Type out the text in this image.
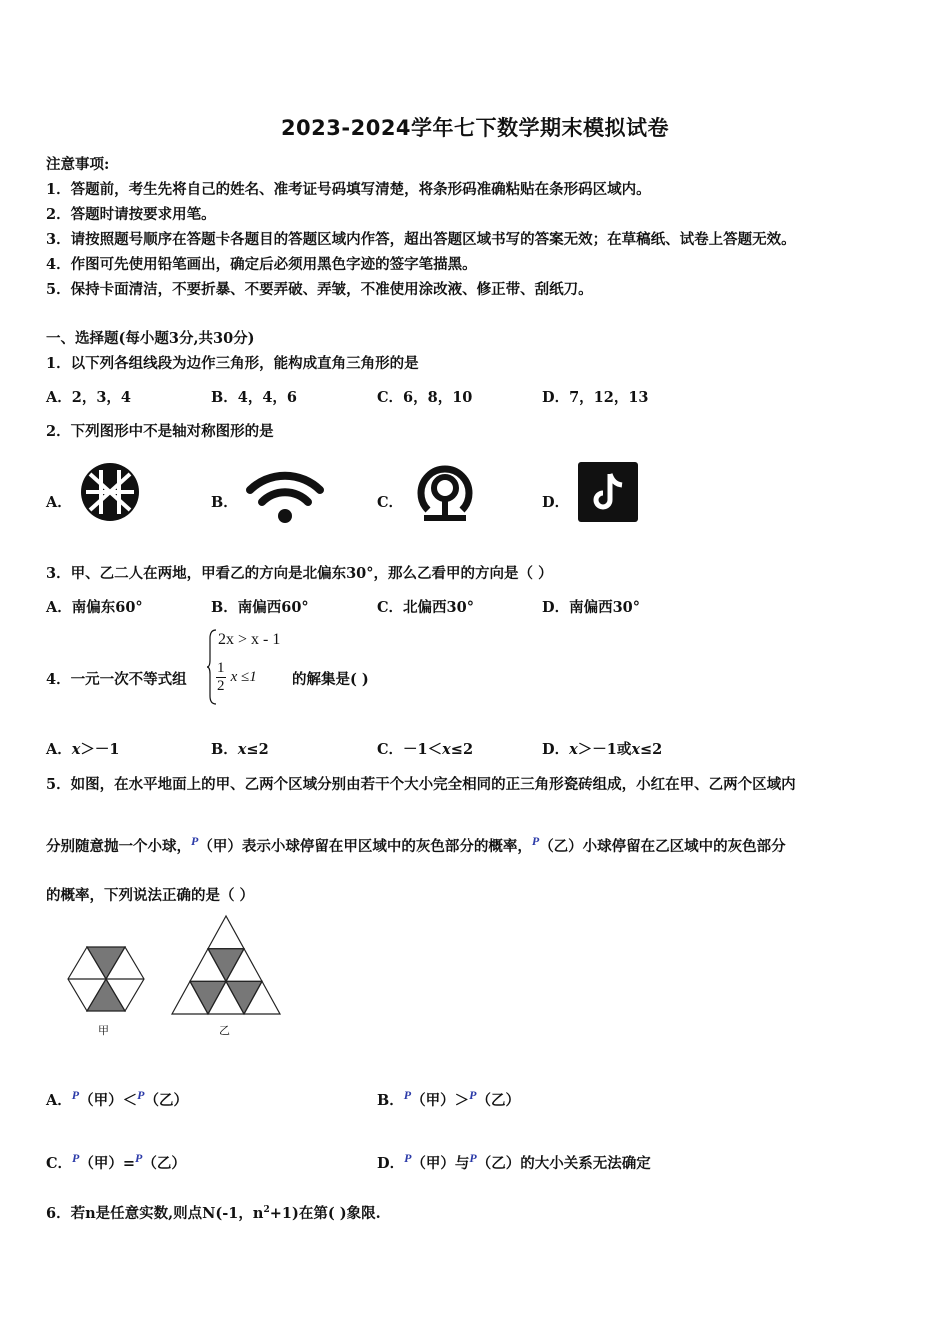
2023-2024学年七下数学期末模拟试卷
注意事项:
1．答题前，考生先将自己的姓名、准考证号码填写清楚，将条形码准确粘贴在条形码区域内。
2．答题时请按要求用笔。
3．请按照题号顺序在答题卡各题目的答题区域内作答，超出答题区域书写的答案无效；在草稿纸、试卷上答题无效。
4．作图可先使用铅笔画出，确定后必须用黑色字迹的签字笔描黑。
5．保持卡面清洁，不要折暴、不要弄破、弄皱，不准使用涂改液、修正带、刮纸刀。
一、选择题(每小题3分,共30分)
1．以下列各组线段为边作三角形，能构成直角三角形的是
A．2，3，4	B．4，4，6	C．6，8，10	D．7，12，13
2．下列图形中不是轴对称图形的是
A．	B．	C．	D．
3．甲、乙二人在两地，甲看乙的方向是北偏东30°，那么乙看甲的方向是（ ）
A．南偏东60°	B．南偏西60°	C．北偏西30°	D．南偏西30°
4．一元一次不等式组
2x > x - 1
$\frac{1}{2}$ x ≤1 的解集是( )
A．x＞－1	B．x≤2	C．－1＜x≤2	D．x＞－1或x≤2
5．如图，在水平地面上的甲、乙两个区域分别由若干个大小完全相同的正三角形瓷砖组成，小红在甲、乙两个区域内
分别随意抛一个小球，$^P$（甲）表示小球停留在甲区域中的灰色部分的概率，$^P$（乙）小球停留在乙区域中的灰色部分
的概率，下列说法正确的是（ ）
甲	乙
A．$^P$（甲）＜$^P$（乙）	B．$^P$（甲）＞$^P$（乙）
C．$^P$（甲）=$^P$（乙）	D．$^P$（甲）与$^P$（乙）的大小关系无法确定
6．若n是任意实数,则点N(-1，$n^2+1$)在第( )象限.
